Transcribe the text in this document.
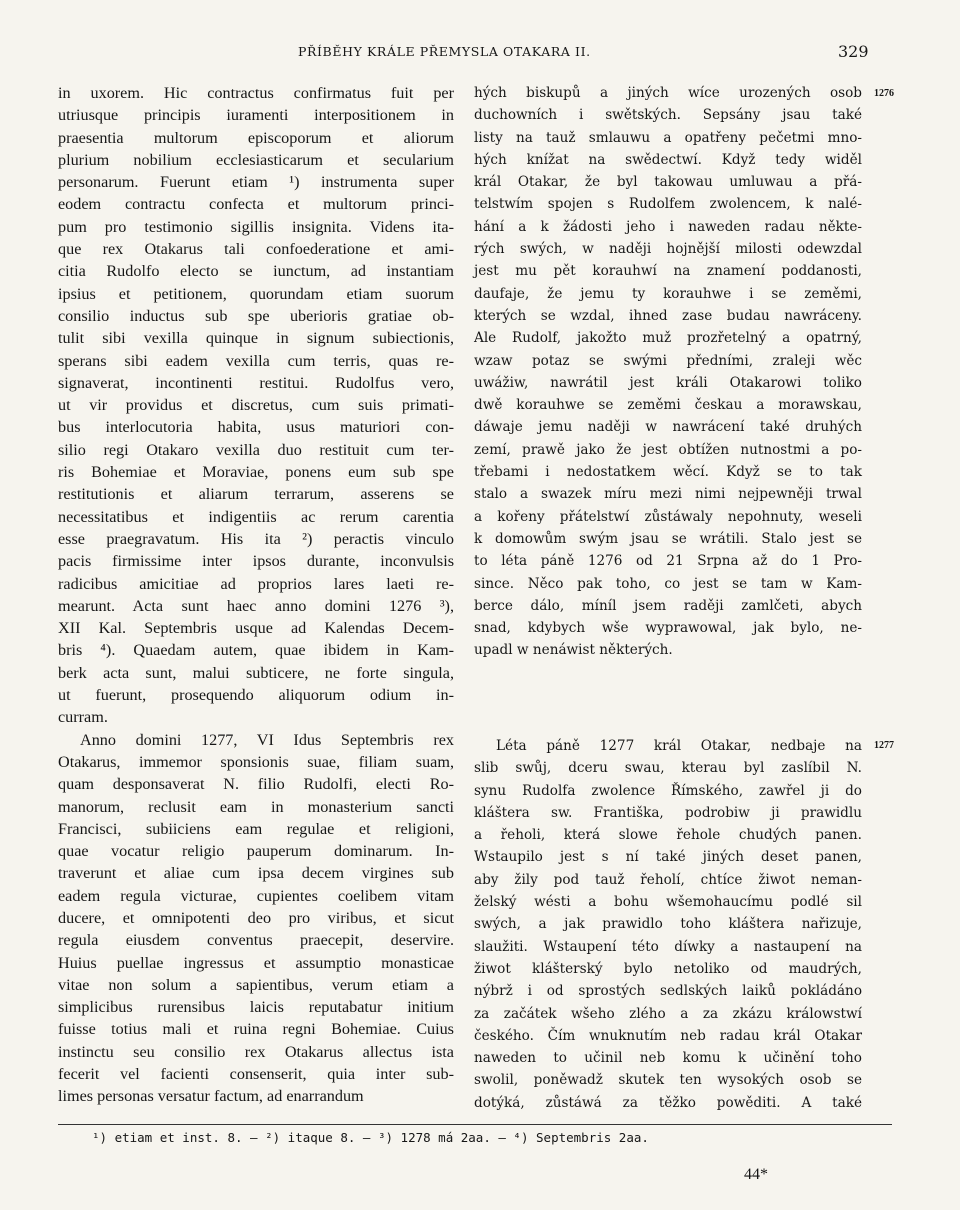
PŘÍBĚHY KRÁLE PŘEMYSLA OTAKARA II.	329
in uxorem. Hic contractus confirmatus fuit per
utriusque principis iuramenti interpositionem in
praesentia multorum episcoporum et aliorum
plurium nobilium ecclesiasticarum et secularium
personarum. Fuerunt etiam ¹) instrumenta super
eodem contractu confecta et multorum princi-
pum pro testimonio sigillis insignita. Videns ita-
que rex Otakarus tali confoederatione et ami-
citia Rudolfo electo se iunctum, ad instantiam
ipsius et petitionem, quorundam etiam suorum
consilio inductus sub spe uberioris gratiae ob-
tulit sibi vexilla quinque in signum subiectionis,
sperans sibi eadem vexilla cum terris, quas re-
signaverat, incontinenti restitui. Rudolfus vero,
ut vir providus et discretus, cum suis primati-
bus interlocutoria habita, usus maturiori con-
silio regi Otakaro vexilla duo restituit cum ter-
ris Bohemiae et Moraviae, ponens eum sub spe
restitutionis et aliarum terrarum, asserens se
necessitatibus et indigentiis ac rerum carentia
esse praegravatum. His ita ²) peractis vinculo
pacis firmissime inter ipsos durante, inconvulsis
radicibus amicitiae ad proprios lares laeti re-
mearunt. Acta sunt haec anno domini 1276 ³),
XII Kal. Septembris usque ad Kalendas Decem-
bris ⁴). Quaedam autem, quae ibidem in Kam-
berk acta sunt, malui subticere, ne forte singula,
ut fuerunt, prosequendo aliquorum odium in-
curram.
Anno domini 1277, VI Idus Septembris rex
Otakarus, immemor sponsionis suae, filiam suam,
quam desponsaverat N. filio Rudolfi, electi Ro-
manorum, reclusit eam in monasterium sancti
Francisci, subiiciens eam regulae et religioni,
quae vocatur religio pauperum dominarum. In-
traverunt et aliae cum ipsa decem virgines sub
eadem regula victurae, cupientes coelibem vitam
ducere, et omnipotenti deo pro viribus, et sicut
regula eiusdem conventus praecepit, deservire.
Huius puellae ingressus et assumptio monasticae
vitae non solum a sapientibus, verum etiam a
simplicibus rurensibus laicis reputabatur initium
fuisse totius mali et ruina regni Bohemiae. Cuius
instinctu seu consilio rex Otakarus allectus ista
fecerit vel facienti consenserit, quia inter sub-
limes personas versatur factum, ad enarrandum
hých biskupů a jiných wíce urozených osob
duchowních i swětských. Sepsány jsau také
listy na tauž smlauwu a opatřeny pečetmi mno-
hých knížat na swědectwí. Když tedy widěl
král Otakar, že byl takowau umluwau a přá-
telstwím spojen s Rudolfem zwolencem, k nalé-
hání a k žádosti jeho i nawеden radau někte-
rých swých, w naději hojnější milosti odewzdal
jest mu pět korauhwí na znamení poddanosti,
daufaje, že jemu ty korauhwe i se zeměmi,
kterých se wzdal, ihned zase budau nawráceny.
Ale Rudolf, jakožto muž prozřetelný a opatrný,
wzaw potaz se swými předními, zraleji wěc
uwážiw, nawrátil jest králi Otakarowi toliko
dwě korauhwe se zeměmi českau a morawskau,
dáwaje jemu naději w nawrácení také druhých
zemí, prawě jako že jest obtížen nutnostmi a po-
třebami i nedostatkem wěcí. Když se to tak
stalo a swazek míru mezi nimi nejpewněji trwal
a kořeny přátelstwí zůstáwaly nepohnuty, weseli
k domowům swým jsau se wrátili. Stalo jest se
to léta páně 1276 od 21 Srpna až do 1 Pro-
since. Něco pak toho, co jest se tam w Kam-
berce dálo, míníl jsem raději zamlčeti, abych
snad, kdybych wše wyprawowal, jak bylo, ne-
upadl w nenáwist některých.
Léta páně 1277 král Otakar, nedbaje na
slib swůj, dceru swau, kterau byl zaslíbil N.
synu Rudolfa zwolence Římského, zawřel ji do
kláštera sw. Františka, podrobiw ji prawidlu
a řeholi, která slowe řehole chudých panen.
Wstaupilo jest s ní také jiných deset panen,
aby žily pod tauž řeholí, chtíce žiwot neman-
želský wésti a bohu wšemohaucímu podlé sil
swých, a jak prawidlo toho kláštera nařizuje,
slaužiti. Wstaupení této díwky a nastaupení na
žiwot klášterský bylo netoliko od maudrých,
nýbrž i od sprostých sedlských laiků pokládáno
za začátek wšeho zlého a za zkázu králowstwí
českého. Čím wnuknutím neb radau král Otakar
nawеden to učinil neb komu k učinění toho
swolil, poněwadž skutek ten wysokých osob se
dotýká, zůstáwá za těžko powěditi. A také
1276
1277
¹) etiam et inst. 8. — ²) itaque 8. — ³) 1278 má 2aa. — ⁴) Septembris 2aa.
44*
